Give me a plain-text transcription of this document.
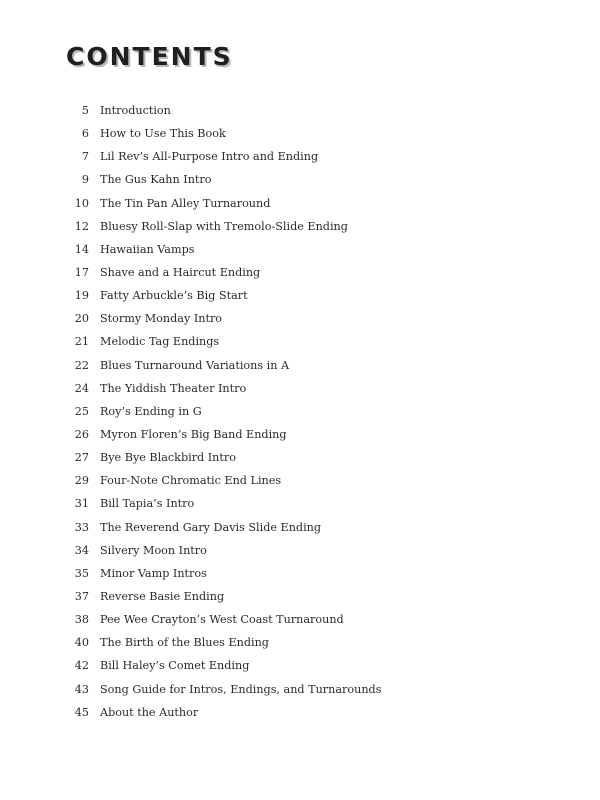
CONTENTS
5 Introduction
6 How to Use This Book
7 Lil Rev’s All-Purpose Intro and Ending
9 The Gus Kahn Intro
10 The Tin Pan Alley Turnaround
12 Bluesy Roll-Slap with Tremolo-Slide Ending
14 Hawaiian Vamps
17 Shave and a Haircut Ending
19 Fatty Arbuckle’s Big Start
20 Stormy Monday Intro
21 Melodic Tag Endings
22 Blues Turnaround Variations in A
24 The Yiddish Theater Intro
25 Roy’s Ending in G
26 Myron Floren’s Big Band Ending
27 Bye Bye Blackbird Intro
29 Four-Note Chromatic End Lines
31 Bill Tapia’s Intro
33 The Reverend Gary Davis Slide Ending
34 Silvery Moon Intro
35 Minor Vamp Intros
37 Reverse Basie Ending
38 Pee Wee Crayton’s West Coast Turnaround
40 The Birth of the Blues Ending
42 Bill Haley’s Comet Ending
43 Song Guide for Intros, Endings, and Turnarounds
45 About the Author
